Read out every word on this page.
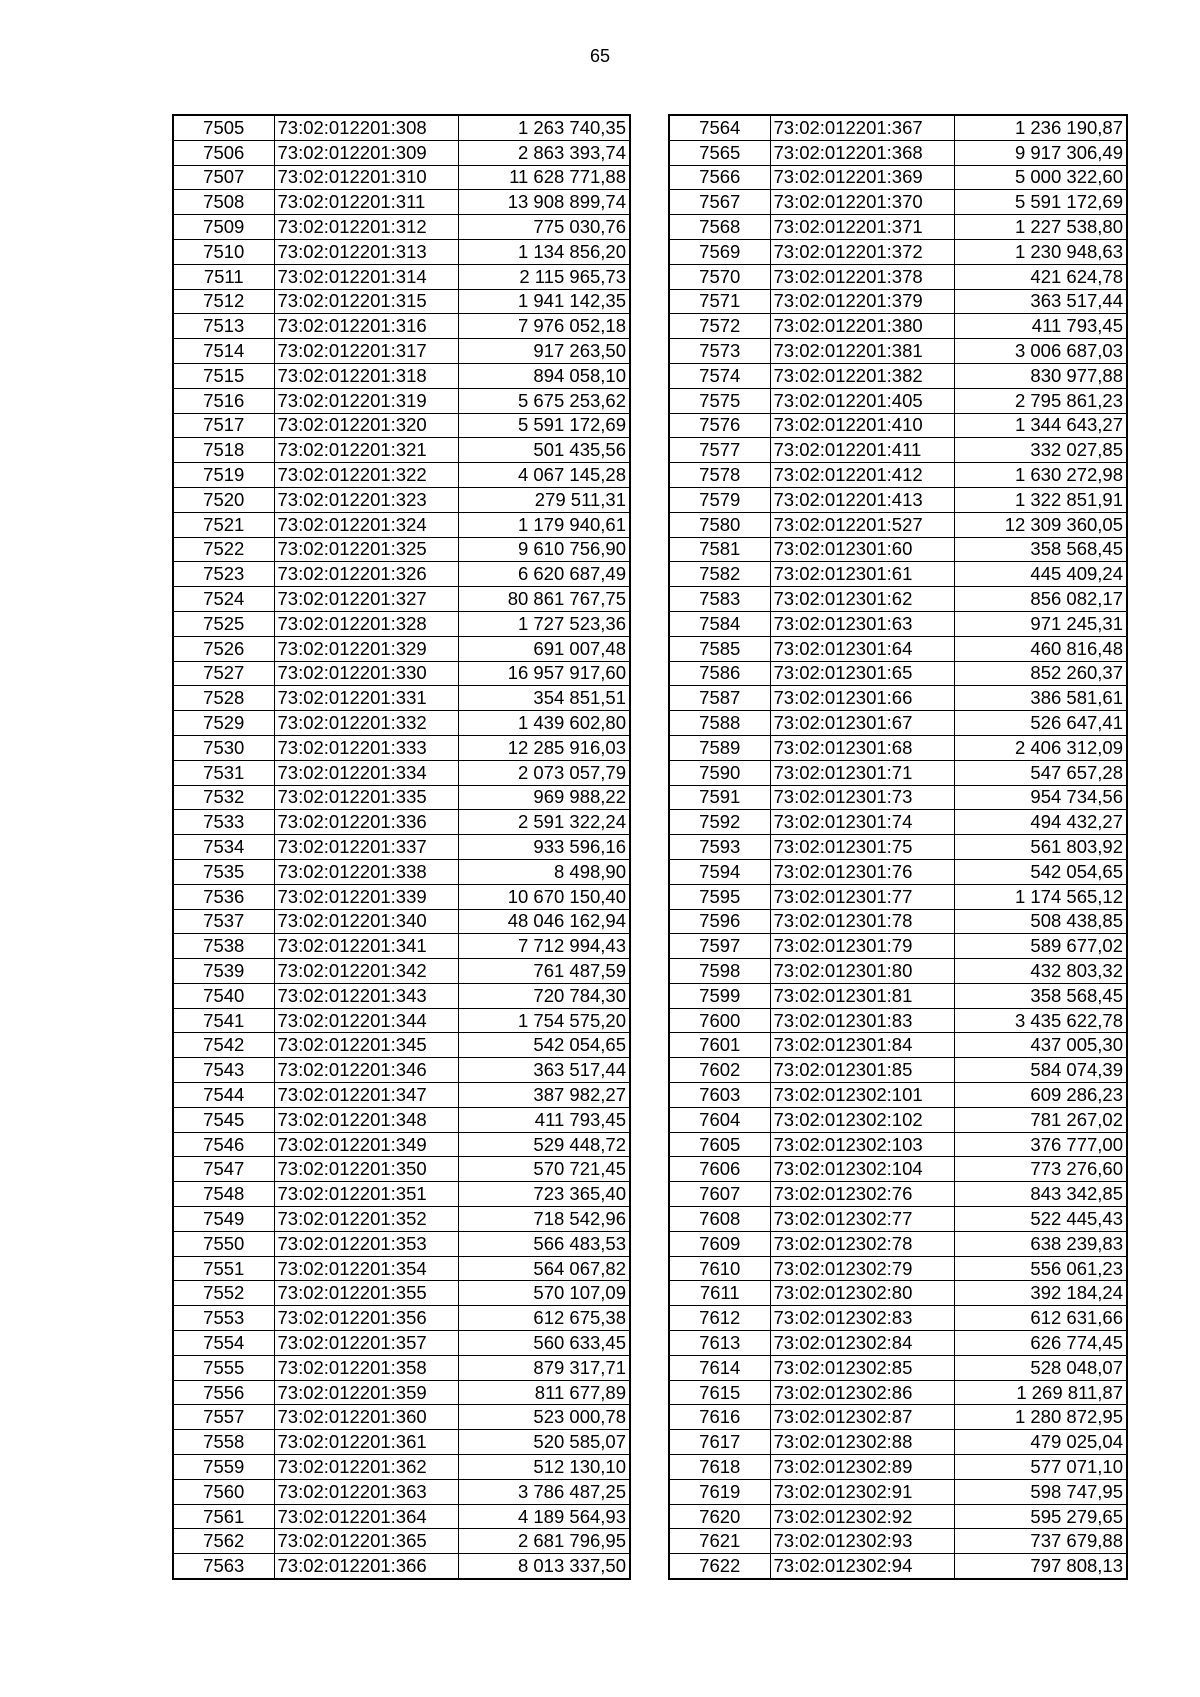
65
7505	73:02:012201:308	1 263 740,35
7506	73:02:012201:309	2 863 393,74
7507	73:02:012201:310	11 628 771,88
7508	73:02:012201:311	13 908 899,74
7509	73:02:012201:312	775 030,76
7510	73:02:012201:313	1 134 856,20
7511	73:02:012201:314	2 115 965,73
7512	73:02:012201:315	1 941 142,35
7513	73:02:012201:316	7 976 052,18
7514	73:02:012201:317	917 263,50
7515	73:02:012201:318	894 058,10
7516	73:02:012201:319	5 675 253,62
7517	73:02:012201:320	5 591 172,69
7518	73:02:012201:321	501 435,56
7519	73:02:012201:322	4 067 145,28
7520	73:02:012201:323	279 511,31
7521	73:02:012201:324	1 179 940,61
7522	73:02:012201:325	9 610 756,90
7523	73:02:012201:326	6 620 687,49
7524	73:02:012201:327	80 861 767,75
7525	73:02:012201:328	1 727 523,36
7526	73:02:012201:329	691 007,48
7527	73:02:012201:330	16 957 917,60
7528	73:02:012201:331	354 851,51
7529	73:02:012201:332	1 439 602,80
7530	73:02:012201:333	12 285 916,03
7531	73:02:012201:334	2 073 057,79
7532	73:02:012201:335	969 988,22
7533	73:02:012201:336	2 591 322,24
7534	73:02:012201:337	933 596,16
7535	73:02:012201:338	8 498,90
7536	73:02:012201:339	10 670 150,40
7537	73:02:012201:340	48 046 162,94
7538	73:02:012201:341	7 712 994,43
7539	73:02:012201:342	761 487,59
7540	73:02:012201:343	720 784,30
7541	73:02:012201:344	1 754 575,20
7542	73:02:012201:345	542 054,65
7543	73:02:012201:346	363 517,44
7544	73:02:012201:347	387 982,27
7545	73:02:012201:348	411 793,45
7546	73:02:012201:349	529 448,72
7547	73:02:012201:350	570 721,45
7548	73:02:012201:351	723 365,40
7549	73:02:012201:352	718 542,96
7550	73:02:012201:353	566 483,53
7551	73:02:012201:354	564 067,82
7552	73:02:012201:355	570 107,09
7553	73:02:012201:356	612 675,38
7554	73:02:012201:357	560 633,45
7555	73:02:012201:358	879 317,71
7556	73:02:012201:359	811 677,89
7557	73:02:012201:360	523 000,78
7558	73:02:012201:361	520 585,07
7559	73:02:012201:362	512 130,10
7560	73:02:012201:363	3 786 487,25
7561	73:02:012201:364	4 189 564,93
7562	73:02:012201:365	2 681 796,95
7563	73:02:012201:366	8 013 337,50
7564	73:02:012201:367	1 236 190,87
7565	73:02:012201:368	9 917 306,49
7566	73:02:012201:369	5 000 322,60
7567	73:02:012201:370	5 591 172,69
7568	73:02:012201:371	1 227 538,80
7569	73:02:012201:372	1 230 948,63
7570	73:02:012201:378	421 624,78
7571	73:02:012201:379	363 517,44
7572	73:02:012201:380	411 793,45
7573	73:02:012201:381	3 006 687,03
7574	73:02:012201:382	830 977,88
7575	73:02:012201:405	2 795 861,23
7576	73:02:012201:410	1 344 643,27
7577	73:02:012201:411	332 027,85
7578	73:02:012201:412	1 630 272,98
7579	73:02:012201:413	1 322 851,91
7580	73:02:012201:527	12 309 360,05
7581	73:02:012301:60	358 568,45
7582	73:02:012301:61	445 409,24
7583	73:02:012301:62	856 082,17
7584	73:02:012301:63	971 245,31
7585	73:02:012301:64	460 816,48
7586	73:02:012301:65	852 260,37
7587	73:02:012301:66	386 581,61
7588	73:02:012301:67	526 647,41
7589	73:02:012301:68	2 406 312,09
7590	73:02:012301:71	547 657,28
7591	73:02:012301:73	954 734,56
7592	73:02:012301:74	494 432,27
7593	73:02:012301:75	561 803,92
7594	73:02:012301:76	542 054,65
7595	73:02:012301:77	1 174 565,12
7596	73:02:012301:78	508 438,85
7597	73:02:012301:79	589 677,02
7598	73:02:012301:80	432 803,32
7599	73:02:012301:81	358 568,45
7600	73:02:012301:83	3 435 622,78
7601	73:02:012301:84	437 005,30
7602	73:02:012301:85	584 074,39
7603	73:02:012302:101	609 286,23
7604	73:02:012302:102	781 267,02
7605	73:02:012302:103	376 777,00
7606	73:02:012302:104	773 276,60
7607	73:02:012302:76	843 342,85
7608	73:02:012302:77	522 445,43
7609	73:02:012302:78	638 239,83
7610	73:02:012302:79	556 061,23
7611	73:02:012302:80	392 184,24
7612	73:02:012302:83	612 631,66
7613	73:02:012302:84	626 774,45
7614	73:02:012302:85	528 048,07
7615	73:02:012302:86	1 269 811,87
7616	73:02:012302:87	1 280 872,95
7617	73:02:012302:88	479 025,04
7618	73:02:012302:89	577 071,10
7619	73:02:012302:91	598 747,95
7620	73:02:012302:92	595 279,65
7621	73:02:012302:93	737 679,88
7622	73:02:012302:94	797 808,13
